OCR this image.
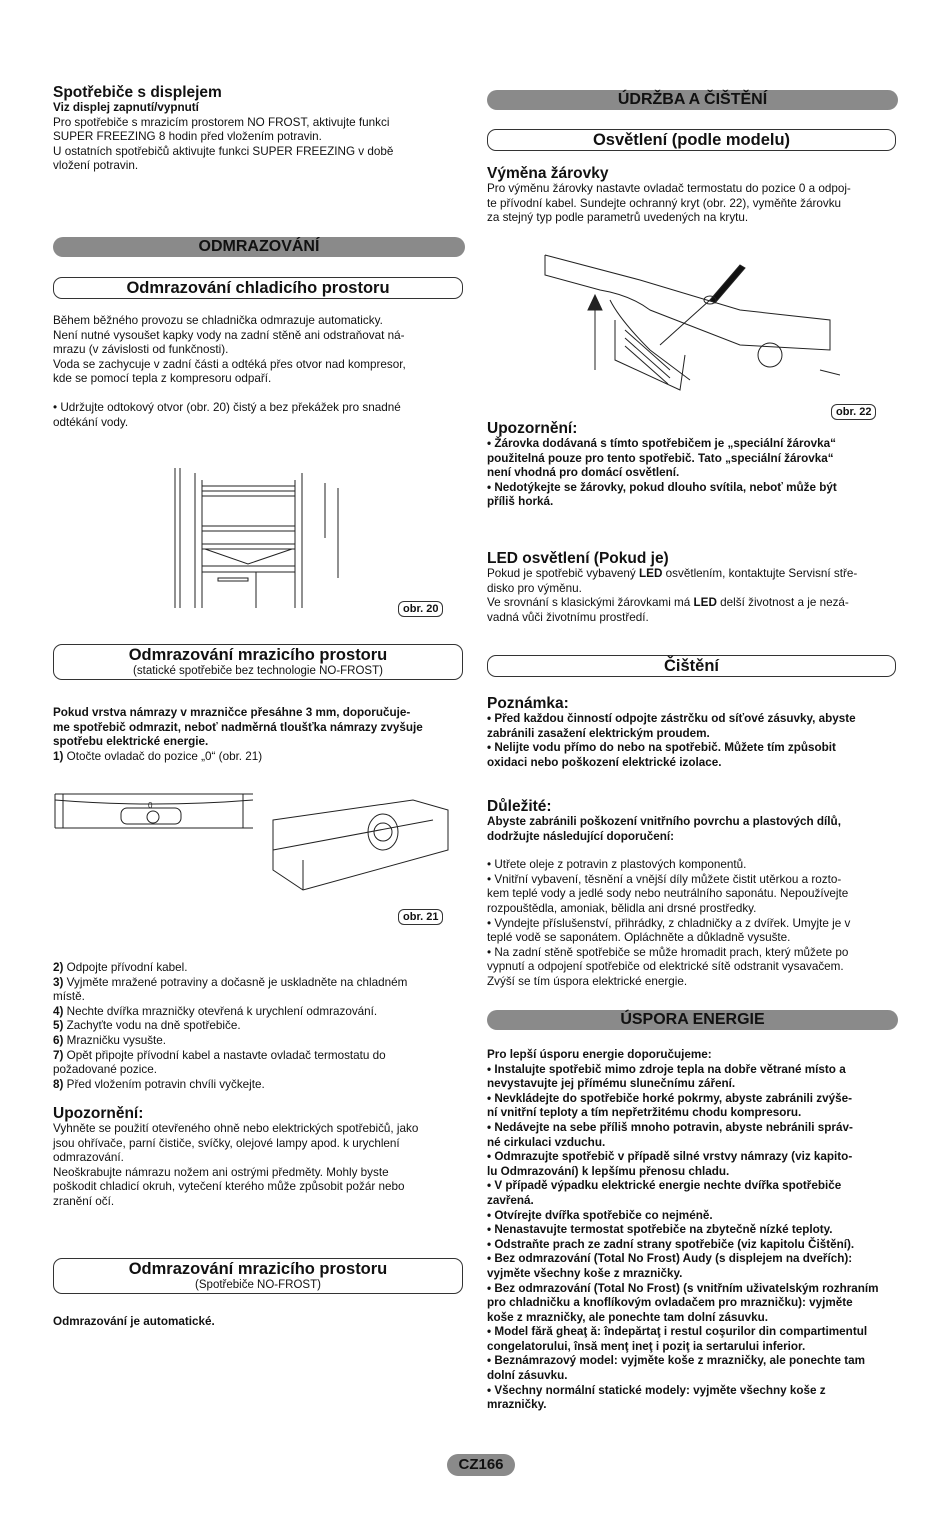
Spotřebiče s displejem

Viz displej zapnutí/vypnutí

Pro spotřebiče s mrazicím prostorem NO FROST, aktivujte funkci

SUPER FREEZING 8 hodin před vložením potravin.

U ostatních spotřebičů aktivujte funkci SUPER FREEZING v době

vložení potravin.

ODMRAZOVÁNÍ
Odmrazování chladicího prostoru

Během běžného provozu se chladnička odmrazuje automaticky.

Není nutné vysoušet kapky vody na zadní stěně ani odstraňovat ná-

mrazu (v závislosti od funkčnosti).

Voda se zachycuje v zadní části a odtéká přes otvor nad kompresor,

kde se pomocí tepla z kompresoru odpaří.

• Udržujte odtokový otvor (obr. 20) čistý a bez překážek pro snadné

odtékání vody.

obr. 20
Odmrazování mrazicího prostoru
(statické spotřebiče bez technologie NO-FROST)

Pokud vrstva námrazy v mrazničce přesáhne 3 mm, doporučuje-

me spotřebič odmrazit, neboť nadměrná tloušťka námrazy zvyšuje

spotřebu elektrické energie.

1) Otočte ovladač do pozice „0“ (obr. 21)

0
obr. 21

2) Odpojte přívodní kabel.

3) Vyjměte mražené potraviny a dočasně je uskladněte na chladném

místě.

4) Nechte dvířka mrazničky otevřená k urychlení odmrazování.

5) Zachyťte vodu na dně spotřebiče.

6) Mrazničku vysušte.

7) Opět připojte přívodní kabel a nastavte ovladač termostatu do

požadované pozice.

8) Před vložením potravin chvíli vyčkejte.

Upozornění:

Vyhněte se použití otevřeného ohně nebo elektrických spotřebičů, jako

jsou ohřívače, parní čističe, svíčky, olejové lampy apod. k urychlení

odmrazování.

Neoškrabujte námrazu nožem ani ostrými předměty. Mohly byste

poškodit chladicí okruh, vytečení kterého může způsobit požár nebo

zranění očí.

Odmrazování mrazicího prostoru
(Spotřebiče NO-FROST)

Odmrazování je automatické.

ÚDRŽBA A ČIŠTĚNÍ
Osvětlení (podle modelu)

Výměna žárovky

Pro výměnu žárovky nastavte ovladač termostatu do pozice 0 a odpoj-

te přívodní kabel. Sundejte ochranný kryt (obr. 22), vyměňte žárovku

za stejný typ podle parametrů uvedených na krytu.

obr. 22

Upozornění:

• Žárovka dodávaná s tímto spotřebičem je „speciální žárovka“

použitelná pouze pro tento spotřebič. Tato „speciální žárovka“

není vhodná pro domácí osvětlení.

• Nedotýkejte se žárovky, pokud dlouho svítila, neboť může být

příliš horká.

LED osvětlení (Pokud je)

Pokud je spotřebič vybavený LED osvětlením, kontaktujte Servisní stře-

disko pro výměnu.

Ve srovnání s klasickými žárovkami má LED delší životnost a je nezá-

vadná vůči životnímu prostředí.

Čištění

Poznámka:

• Před každou činností odpojte zástrčku od síťové zásuvky, abyste

zabránili zasažení elektrickým proudem.

• Nelijte vodu přímo do nebo na spotřebič. Můžete tím způsobit

oxidaci nebo poškození elektrické izolace.

Důležité:

Abyste zabránili poškození vnitřního povrchu a plastových dílů,

dodržujte následující doporučení:

• Utřete oleje z potravin z plastových komponentů.

• Vnitřní vybavení, těsnění a vnější díly můžete čistit utěrkou a rozto-

kem teplé vody a jedlé sody nebo neutrálního saponátu. Nepoužívejte

rozpouštědla, amoniak, bělidla ani drsné prostředky.

• Vyndejte příslušenství, přihrádky, z chladničky a z dvířek. Umyjte je v

teplé vodě se saponátem. Opláchněte a důkladně vysušte.

• Na zadní stěně spotřebiče se může hromadit prach, který můžete po

vypnutí a odpojení spotřebiče od elektrické sítě odstranit vysavačem.

Zvýší se tím úspora elektrické energie.

ÚSPORA ENERGIE

Pro lepší úsporu energie doporučujeme:

• Instalujte spotřebič mimo zdroje tepla na dobře větrané místo a

nevystavujte jej přímému slunečnímu záření.

• Nevkládejte do spotřebiče horké pokrmy, abyste zabránili zvýše-

ní vnitřní teploty a tím nepřetržitému chodu kompresoru.

• Nedávejte na sebe příliš mnoho potravin, abyste nebránili správ-

né cirkulaci vzduchu.

• Odmrazujte spotřebič v případě silné vrstvy námrazy (viz kapito-

lu Odmrazování) k lepšímu přenosu chladu.

• V případě výpadku elektrické energie nechte dvířka spotřebiče

zavřená.

• Otvírejte dvířka spotřebiče co nejméně.

• Nenastavujte termostat spotřebiče na zbytečně nízké teploty.

• Odstraňte prach ze zadní strany spotřebiče (viz kapitolu Čištění).

• Bez odmrazování (Total No Frost) Audy (s displejem na dveřích):

vyjměte všechny koše z mrazničky.

• Bez odmrazování (Total No Frost) (s vnitřním uživatelským rozhraním

pro chladničku a knoflíkovým ovladačem pro mrazničku): vyjměte

koše z mrazničky, ale ponechte tam dolní zásuvku.

• Model fără gheaţ ă: îndepărtaţ i restul coşurilor din compartimentul

congelatorului, însă menţ ineţ i poziţ ia sertarului inferior.

• Beznámrazový model: vyjměte koše z mrazničky, ale ponechte tam

dolní zásuvku.

• Všechny normální statické modely: vyjměte všechny koše z

mrazničky.

CZ166
